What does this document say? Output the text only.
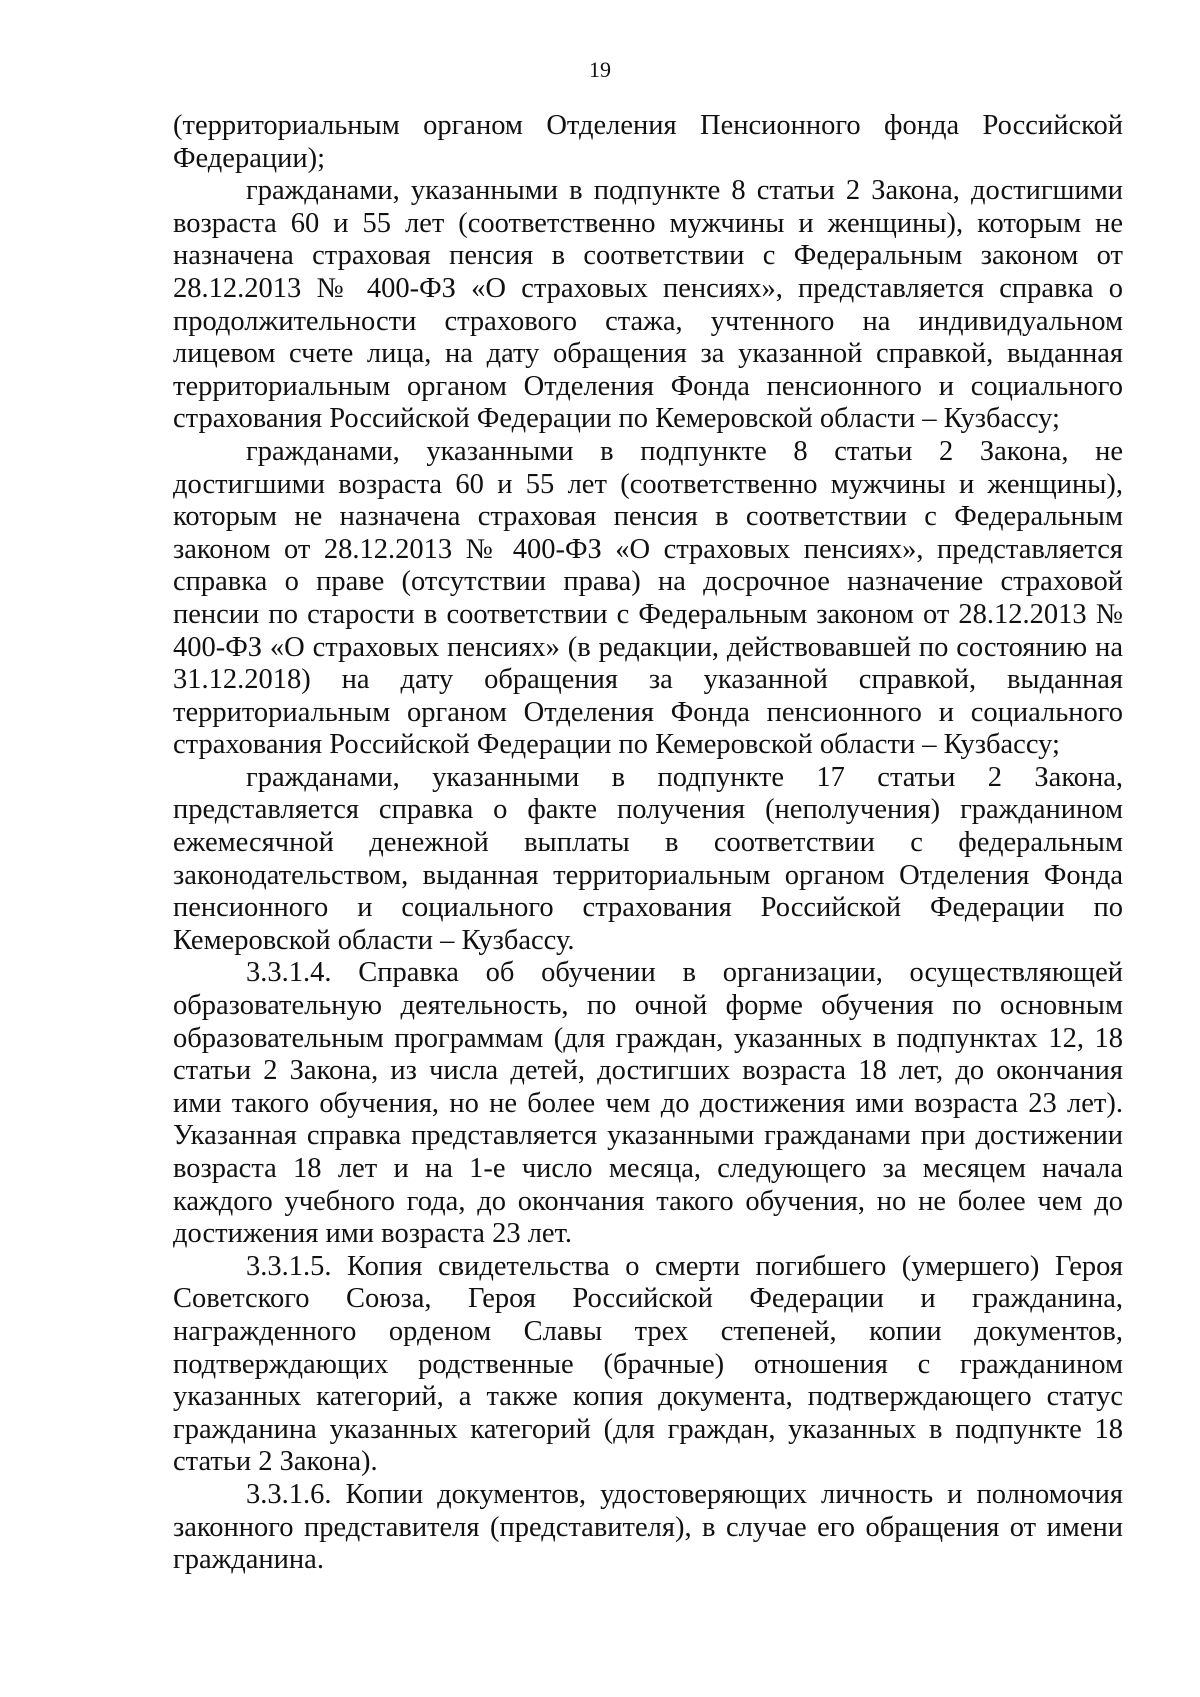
19

(территориальным органом Отделения Пенсионного фонда Российской Федерации);

гражданами, указанными в подпункте 8 статьи 2 Закона, достигшими возраста 60 и 55 лет (соответственно мужчины и женщины), которым не назначена страховая пенсия в соответствии с Федеральным законом от 28.12.2013 № 400-ФЗ «О страховых пенсиях», представляется справка о продолжительности страхового стажа, учтенного на индивидуальном лицевом счете лица, на дату обращения за указанной справкой, выданная территориальным органом Отделения Фонда пенсионного и социального страхования Российской Федерации по Кемеровской области – Кузбассу;

гражданами, указанными в подпункте 8 статьи 2 Закона, не достигшими возраста 60 и 55 лет (соответственно мужчины и женщины), которым не назначена страховая пенсия в соответствии с Федеральным законом от 28.12.2013 № 400-ФЗ «О страховых пенсиях», представляется справка о праве (отсутствии права) на досрочное назначение страховой пенсии по старости в соответствии с Федеральным законом от 28.12.2013 № 400-ФЗ «О страховых пенсиях» (в редакции, действовавшей по состоянию на 31.12.2018) на дату обращения за указанной справкой, выданная территориальным органом Отделения Фонда пенсионного и социального страхования Российской Федерации по Кемеровской области – Кузбассу;

гражданами, указанными в подпункте 17 статьи 2 Закона, представляется справка о факте получения (неполучения) гражданином ежемесячной денежной выплаты в соответствии с федеральным законодательством, выданная территориальным органом Отделения Фонда пенсионного и социального страхования Российской Федерации по Кемеровской области – Кузбассу.

3.3.1.4. Справка об обучении в организации, осуществляющей образовательную деятельность, по очной форме обучения по основным образовательным программам (для граждан, указанных в подпунктах 12, 18 статьи 2 Закона, из числа детей, достигших возраста 18 лет, до окончания ими такого обучения, но не более чем до достижения ими возраста 23 лет). Указанная справка представляется указанными гражданами при достижении возраста 18 лет и на 1-е число месяца, следующего за месяцем начала каждого учебного года, до окончания такого обучения, но не более чем до достижения ими возраста 23 лет.

3.3.1.5. Копия свидетельства о смерти погибшего (умершего) Героя Советского Союза, Героя Российской Федерации и гражданина, награжденного орденом Славы трех степеней, копии документов, подтверждающих родственные (брачные) отношения с гражданином указанных категорий, а также копия документа, подтверждающего статус гражданина указанных категорий (для граждан, указанных в подпункте 18 статьи 2 Закона).

3.3.1.6. Копии документов, удостоверяющих личность и полномочия законного представителя (представителя), в случае его обращения от имени гражданина.
